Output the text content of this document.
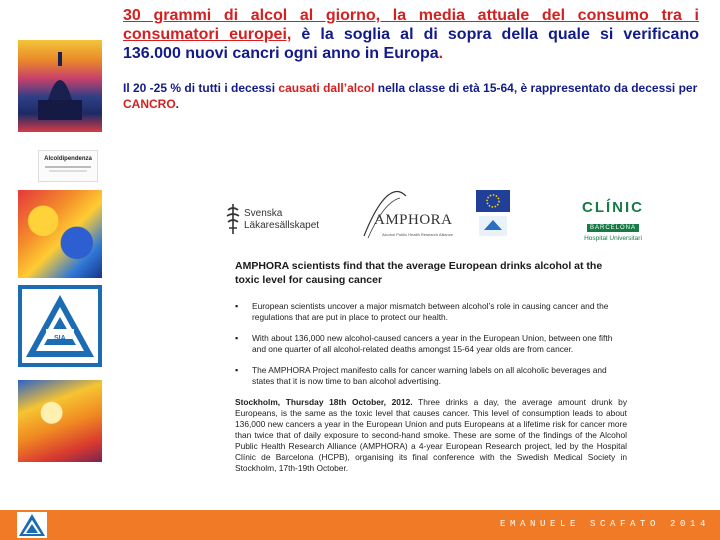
Alcoldipendenza
SIA
30 grammi di alcol al giorno, la media attuale del consumo tra i consumatori europei, è la soglia al di sopra della quale si verificano 136.000 nuovi cancri ogni anno in Europa.
Il 20 -25 % di tutti i decessi causati dall’alcol nella classe di età 15-64, è rappresentato da decessi per CANCRO.
Svenska
Läkaresällskapet	AMPHORA
Alcohol Public Health Research Alliance
CLÍNIC
BARCELONA
Hospital Universitari
AMPHORA scientists find that the average European drinks alcohol at the toxic level for causing cancer
▪ European scientists uncover a major mismatch between alcohol’s role in causing cancer and the regulations that are put in place to protect our health.
▪ With about 136,000 new alcohol-caused cancers a year in the European Union, between one fifth and one quarter of all alcohol-related deaths amongst 15-64 year olds are from cancer.
▪ The AMPHORA Project manifesto calls for cancer warning labels on all alcoholic beverages and states that it is now time to ban alcohol advertising.

Stockholm, Thursday 18th October, 2012. Three drinks a day, the average amount drunk by Europeans, is the same as the toxic level that causes cancer. This level of consumption leads to about 136,000 new cancers a year in the European Union and puts Europeans at a lifetime risk for cancer more than twice that of daily exposure to second-hand smoke. These are some of the findings of the Alcohol Public Health Research Alliance (AMPHORA) a 4-year European Research project, led by the Hospital Clínic de Barcelona (HCPB), organising its final conference with the Swedish Medical Society in Stockholm, 17th-19th October.

EMANUELE SCAFATO 2014
